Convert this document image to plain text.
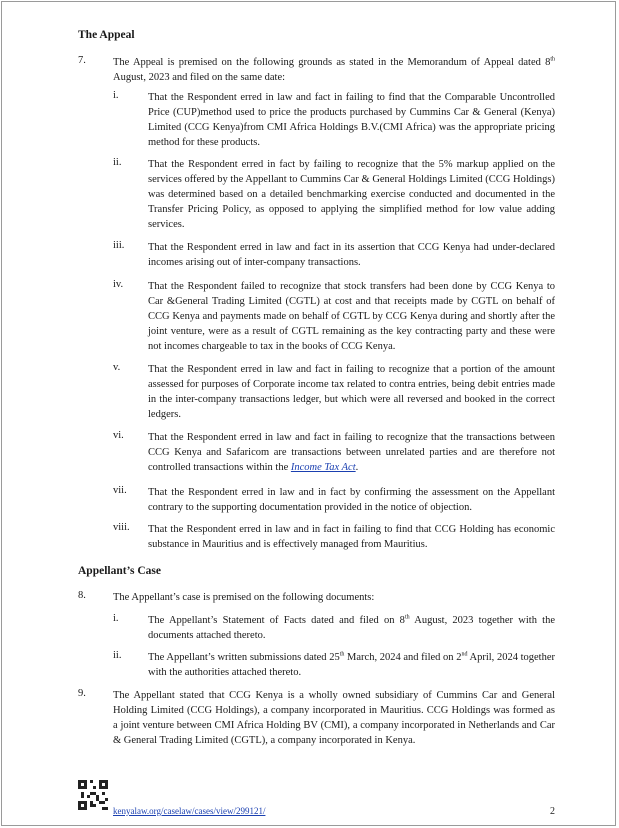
The Appeal
7.	The Appeal is premised on the following grounds as stated in the Memorandum of Appeal dated 8th August, 2023 and filed on the same date:
i.	That the Respondent erred in law and fact in failing to find that the Comparable Uncontrolled Price (CUP)method used to price the products purchased by Cummins Car & General (Kenya) Limited (CCG Kenya)from CMI Africa Holdings B.V.(CMI Africa) was the appropriate pricing method for these products.
ii.	That the Respondent erred in fact by failing to recognize that the 5% markup applied on the services offered by the Appellant to Cummins Car & General Holdings Limited (CCG Holdings) was determined based on a detailed benchmarking exercise conducted and documented in the Transfer Pricing Policy, as opposed to applying the simplified method for low value adding services.
iii. That the Respondent erred in law and fact in its assertion that CCG Kenya had under-declared incomes arising out of inter-company transactions.
iv. That the Respondent failed to recognize that stock transfers had been done by CCG Kenya to Car &General Trading Limited (CGTL) at cost and that receipts made by CGTL on behalf of CCG Kenya and payments made on behalf of CGTL by CCG Kenya during and shortly after the joint venture, were as a result of CGTL remaining as the key contracting party and these were not incomes chargeable to tax in the books of CCG Kenya.
v.	That the Respondent erred in law and fact in failing to recognize that a portion of the amount assessed for purposes of Corporate income tax related to contra entries, being debit entries made in the inter-company transactions ledger, but which were all reversed and booked in the correct ledgers.
vi. That the Respondent erred in law and fact in failing to recognize that the transactions between CCG Kenya and Safaricom are transactions between unrelated parties and are therefore not controlled transactions within the Income Tax Act.
vii. That the Respondent erred in law and in fact by confirming the assessment on the Appellant contrary to the supporting documentation provided in the notice of objection.
viii. That the Respondent erred in law and in fact in failing to find that CCG Holding has economic substance in Mauritius and is effectively managed from Mauritius.
Appellant’s Case
8.	The Appellant’s case is premised on the following documents:
i.	The Appellant’s Statement of Facts dated and filed on 8th August, 2023 together with the documents attached thereto.
ii.	The Appellant’s written submissions dated 25th March, 2024 and filed on 2nd April, 2024 together with the authorities attached thereto.
9.	The Appellant stated that CCG Kenya is a wholly owned subsidiary of Cummins Car and General Holding Limited (CCG Holdings), a company incorporated in Mauritius. CCG Holdings was formed as a joint venture between CMI Africa Holding BV (CMI), a company incorporated in Netherlands and Car & General Trading Limited (CGTL), a company incorporated in Kenya.
kenyalaw.org/caselaw/cases/view/299121/	2
